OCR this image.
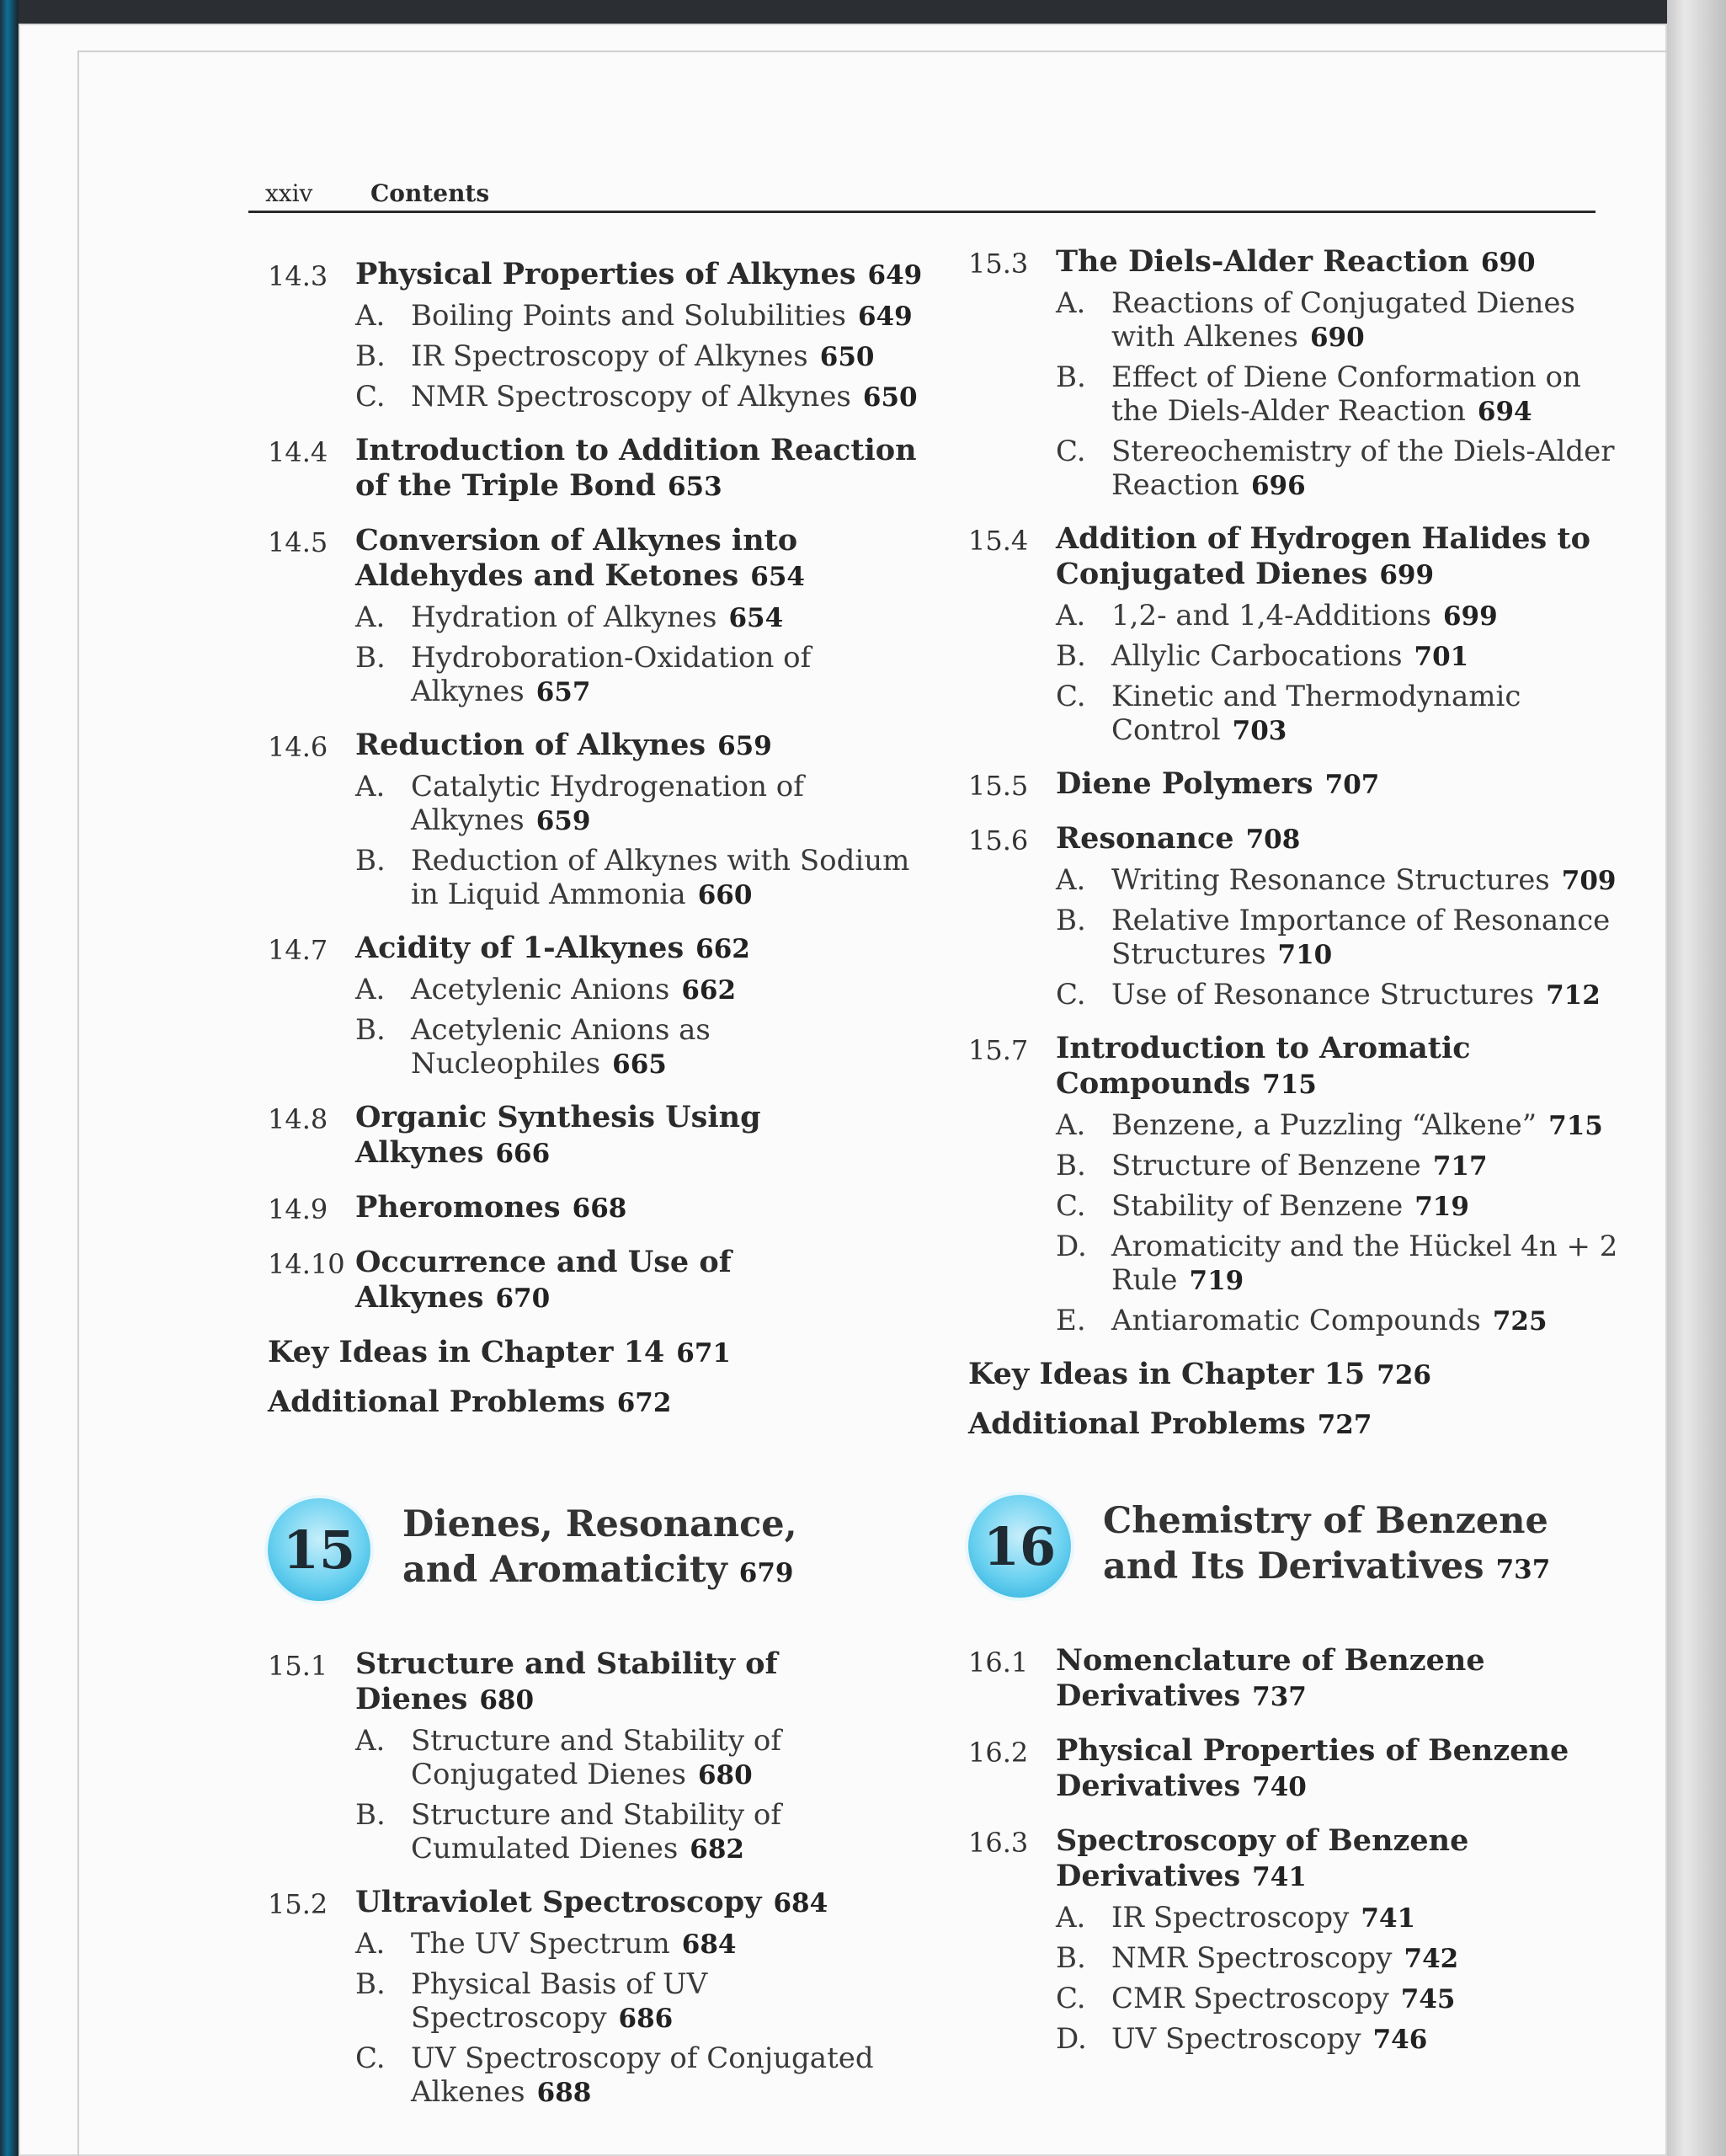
xxiv Contents
14.3 Physical Properties of Alkynes 649
A. Boiling Points and Solubilities 649
B. IR Spectroscopy of Alkynes 650
C. NMR Spectroscopy of Alkynes 650
14.4 Introduction to Addition Reaction of the Triple Bond 653
14.5 Conversion of Alkynes into Aldehydes and Ketones 654
A. Hydration of Alkynes 654
B. Hydroboration-Oxidation of Alkynes 657
14.6 Reduction of Alkynes 659
A. Catalytic Hydrogenation of Alkynes 659
B. Reduction of Alkynes with Sodium in Liquid Ammonia 660
14.7 Acidity of 1-Alkynes 662
A. Acetylenic Anions 662
B. Acetylenic Anions as Nucleophiles 665
14.8 Organic Synthesis Using Alkynes 666
14.9 Pheromones 668
14.10 Occurrence and Use of Alkynes 670
Key Ideas in Chapter 14 671
Additional Problems 672
15	Dienes, Resonance, and Aromaticity 679
15.1 Structure and Stability of Dienes 680
A. Structure and Stability of Conjugated Dienes 680
B. Structure and Stability of Cumulated Dienes 682
15.2 Ultraviolet Spectroscopy 684
A. The UV Spectrum 684
B. Physical Basis of UV Spectroscopy 686
C. UV Spectroscopy of Conjugated Alkenes 688
15.3 The Diels-Alder Reaction 690
A. Reactions of Conjugated Dienes with Alkenes 690
B. Effect of Diene Conformation on the Diels-Alder Reaction 694
C. Stereochemistry of the Diels-Alder Reaction 696
15.4 Addition of Hydrogen Halides to Conjugated Dienes 699
A. 1,2- and 1,4-Additions 699
B. Allylic Carbocations 701
C. Kinetic and Thermodynamic Control 703
15.5 Diene Polymers 707
15.6 Resonance 708
A. Writing Resonance Structures 709
B. Relative Importance of Resonance Structures 710
C. Use of Resonance Structures 712
15.7 Introduction to Aromatic Compounds 715
A. Benzene, a Puzzling “Alkene” 715
B. Structure of Benzene 717
C. Stability of Benzene 719
D. Aromaticity and the Hückel 4n + 2 Rule 719
E. Antiaromatic Compounds 725
Key Ideas in Chapter 15 726
Additional Problems 727
16	Chemistry of Benzene and Its Derivatives 737
16.1 Nomenclature of Benzene Derivatives 737
16.2 Physical Properties of Benzene Derivatives 740
16.3 Spectroscopy of Benzene Derivatives 741
A. IR Spectroscopy 741
B. NMR Spectroscopy 742
C. CMR Spectroscopy 745
D. UV Spectroscopy 746
